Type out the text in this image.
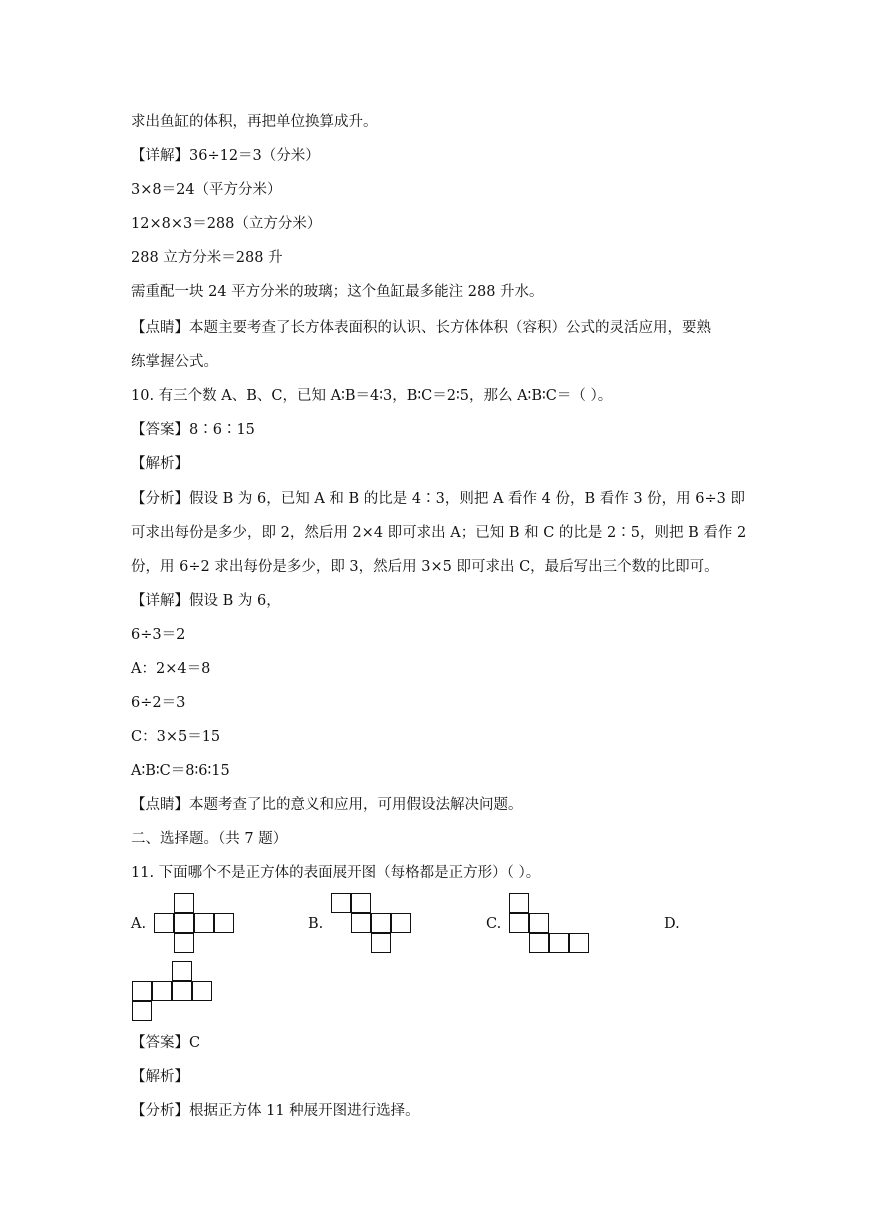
求出鱼缸的体积，再把单位换算成升。
【详解】36÷12＝3（分米）
3×8＝24（平方分米）
12×8×3＝288（立方分米）
288 立方分米＝288 升
需重配一块 24 平方分米的玻璃；这个鱼缸最多能注 288 升水。
【点睛】本题主要考查了长方体表面积的认识、长方体体积（容积）公式的灵活应用，要熟
练掌握公式。
10. 有三个数 A、B、C，已知 A∶B＝4∶3，B∶C＝2∶5，那么 A∶B∶C＝（ ）。
【答案】8∶6∶15
【解析】
【分析】假设 B 为 6，已知 A 和 B 的比是 4∶3，则把 A 看作 4 份，B 看作 3 份，用 6÷3 即
可求出每份是多少，即 2，然后用 2×4 即可求出 A；已知 B 和 C 的比是 2∶5，则把 B 看作 2
份，用 6÷2 求出每份是多少，即 3，然后用 3×5 即可求出 C，最后写出三个数的比即可。
【详解】假设 B 为 6，
6÷3＝2
A：2×4＝8
6÷2＝3
C：3×5＝15
A∶B∶C＝8∶6∶15
【点睛】本题考查了比的意义和应用，可用假设法解决问题。
二、选择题。（共 7 题）
11. 下面哪个不是正方体的表面展开图（每格都是正方形）（ ）。
A.	B.	C.	D.
【答案】C
【解析】
【分析】根据正方体 11 种展开图进行选择。
